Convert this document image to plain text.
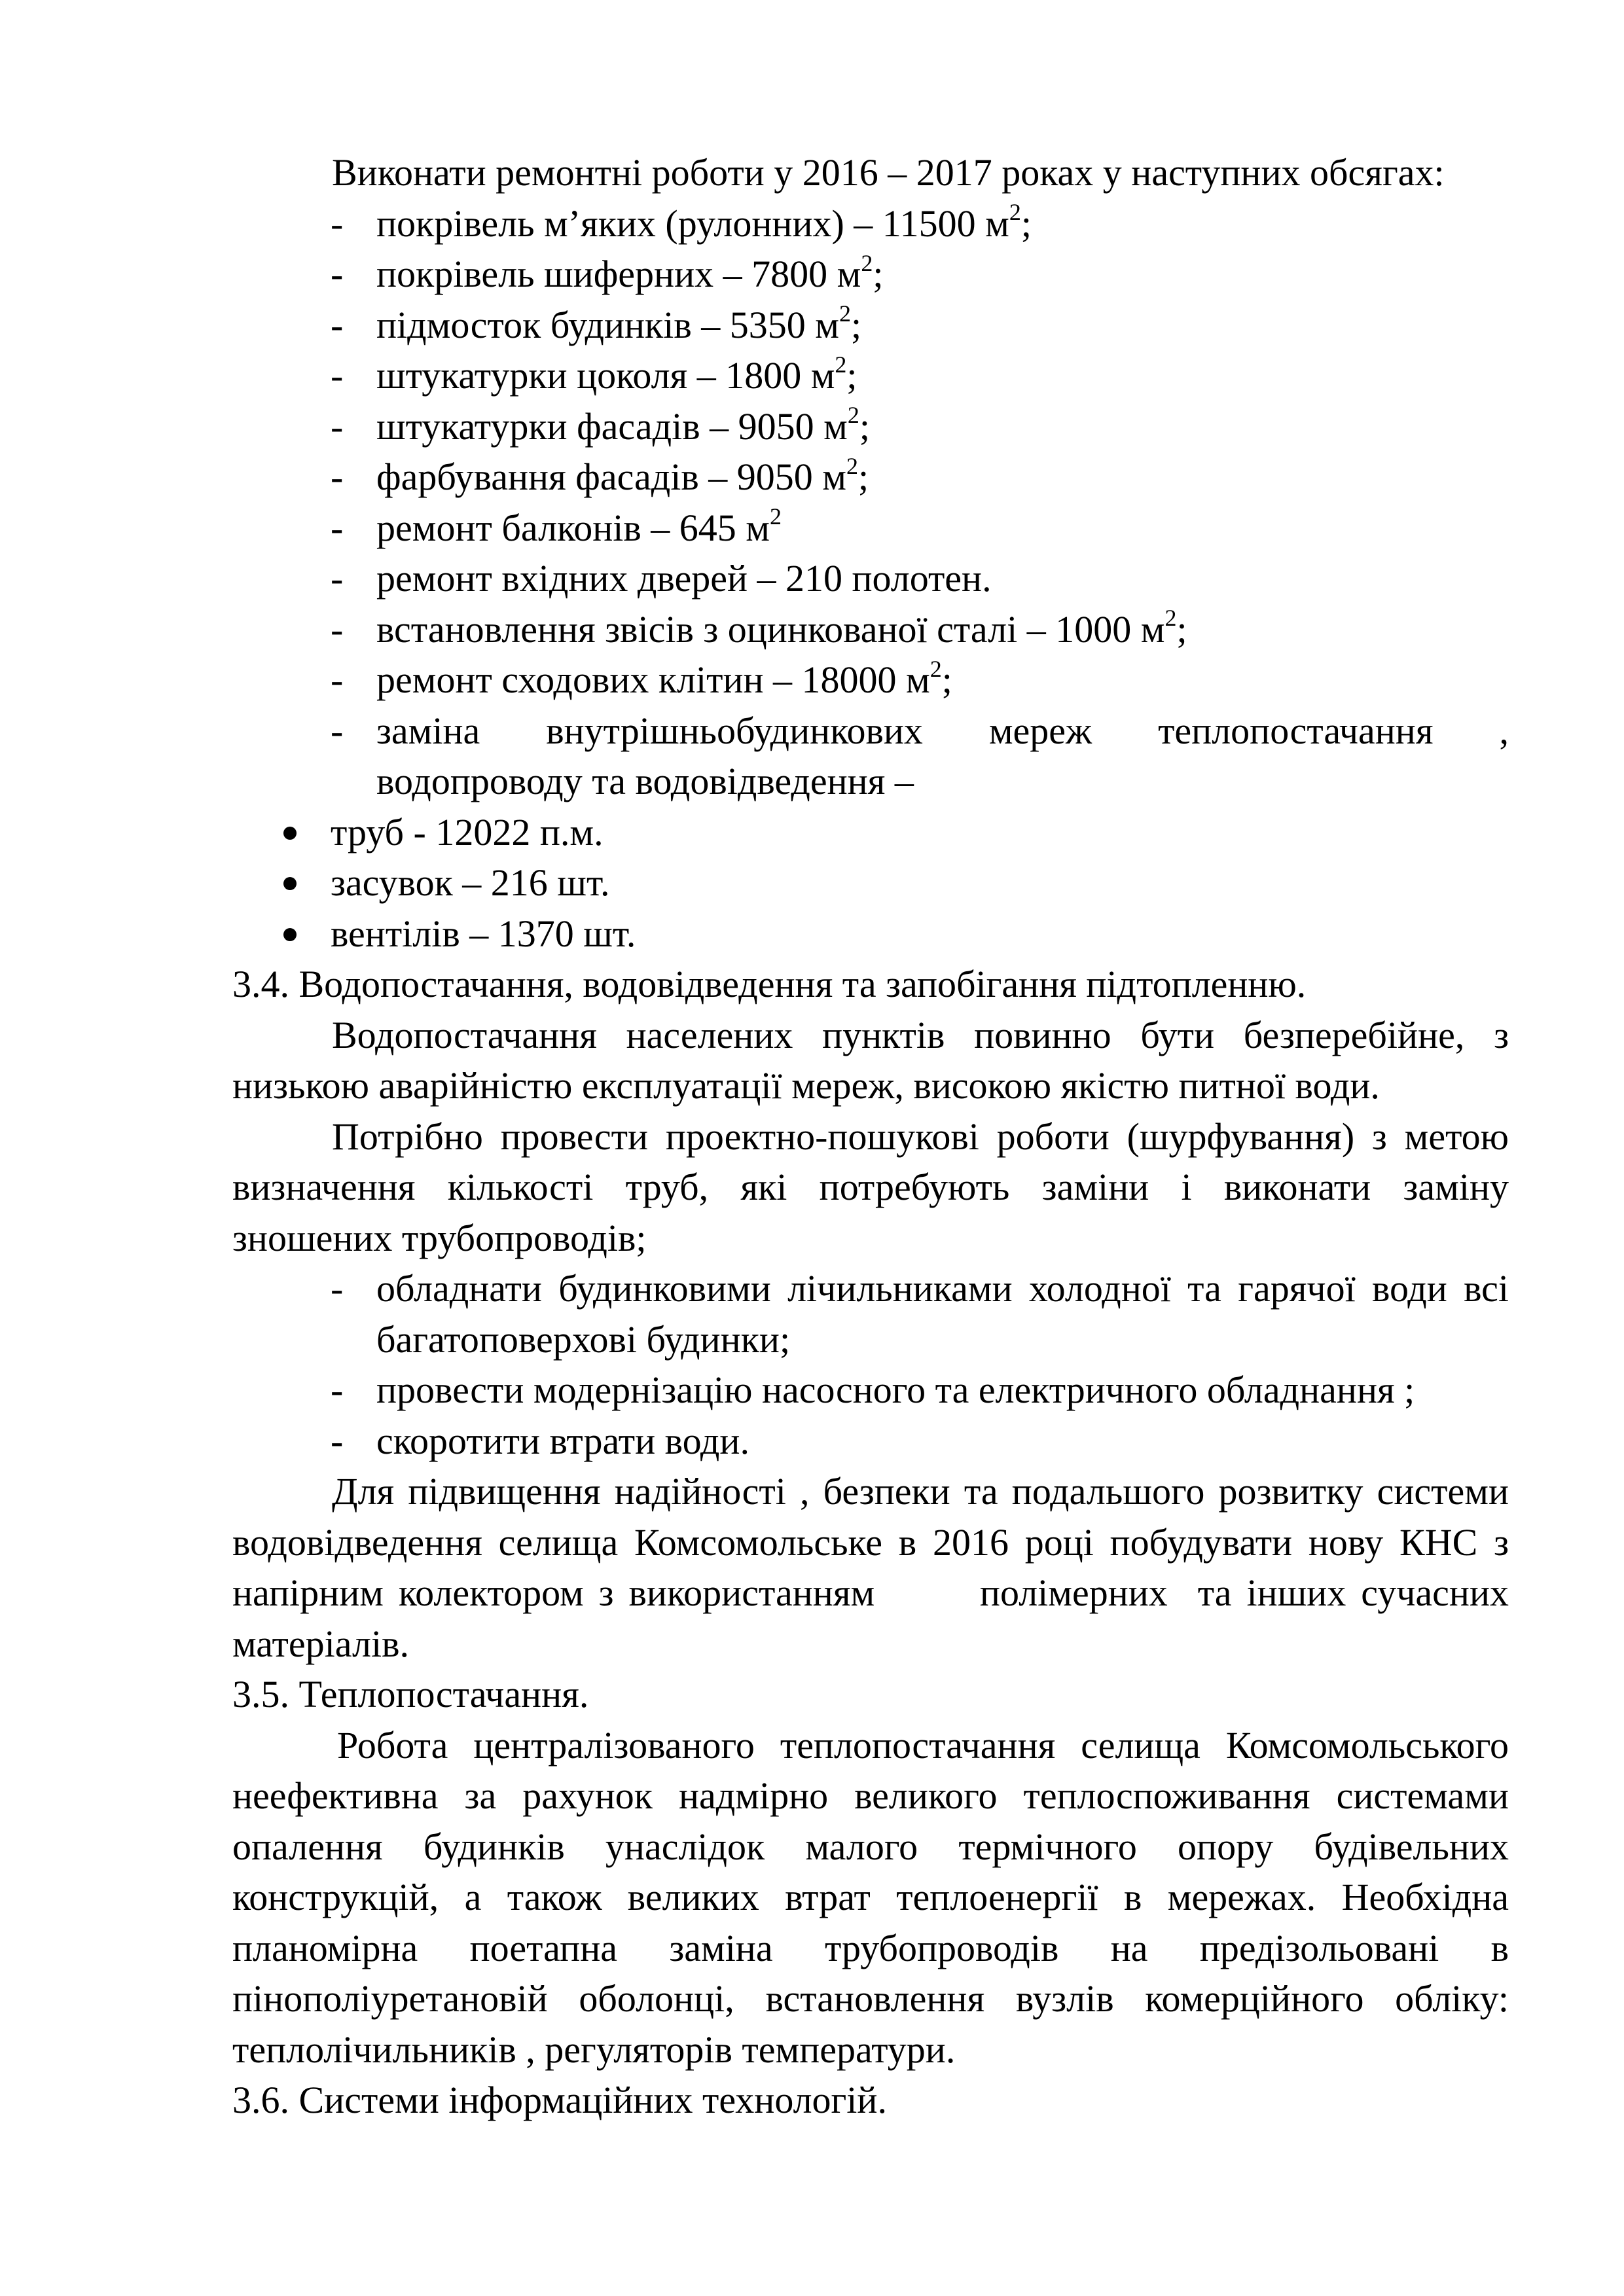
Виконати ремонтні роботи у 2016 – 2017 роках у наступних обсягах:
- покрівель м’яких (рулонних) – 11500 $м^2$;
- покрівель шиферних – 7800 $м^2$;
- підмосток будинків – 5350 $м^2$;
- штукатурки цоколя – 1800 $м^2$;
- штукатурки фасадів – 9050 $м^2$;
- фарбування фасадів – 9050 $м^2$;
- ремонт балконів – 645 $м^2$
- ремонт вхідних дверей – 210 полотен.
- встановлення звісів з оцинкованої сталі – 1000 $м^2$;
- ремонт сходових клітин – 18000 $м^2$;
- заміна внутрішньобудинкових мереж теплопостачання ,
водопроводу та водовідведення –
труб - 12022 п.м.
засувок – 216 шт.
вентілів – 1370 шт.
3.4. Водопостачання, водовідведення та запобігання підтопленню.
Водопостачання населених пунктів повинно бути безперебійне, з
низькою аварійністю експлуатації мереж, високою якістю питної води.
Потрібно провести проектно-пошукові роботи (шурфування) з метою
визначення кількості труб, які потребують заміни і виконати заміну
зношених трубопроводів;
- обладнати будинковими лічильниками холодної та гарячої води всі
багатоповерхові будинки;
- провести модернізацію насосного та електричного обладнання ;
- скоротити втрати води.
Для підвищення надійності , безпеки та подальшого розвитку системи
водовідведення селища Комсомольське в 2016 році побудувати нову КНС з
напірним колектором з використанням       полімерних  та інших сучасних
матеріалів.
3.5. Теплопостачання.
Робота централізованого теплопостачання селища Комсомольського
неефективна за рахунок надмірно великого теплоспоживання системами
опалення будинків унаслідок малого термічного опору будівельних
конструкцій, а також великих втрат теплоенергії в мережах. Необхідна
планомірна поетапна заміна трубопроводів на предізольовані в
пінополіуретановій оболонці, встановлення вузлів комерційного обліку:
теплолічильників , регуляторів температури.
3.6. Системи інформаційних технологій.
